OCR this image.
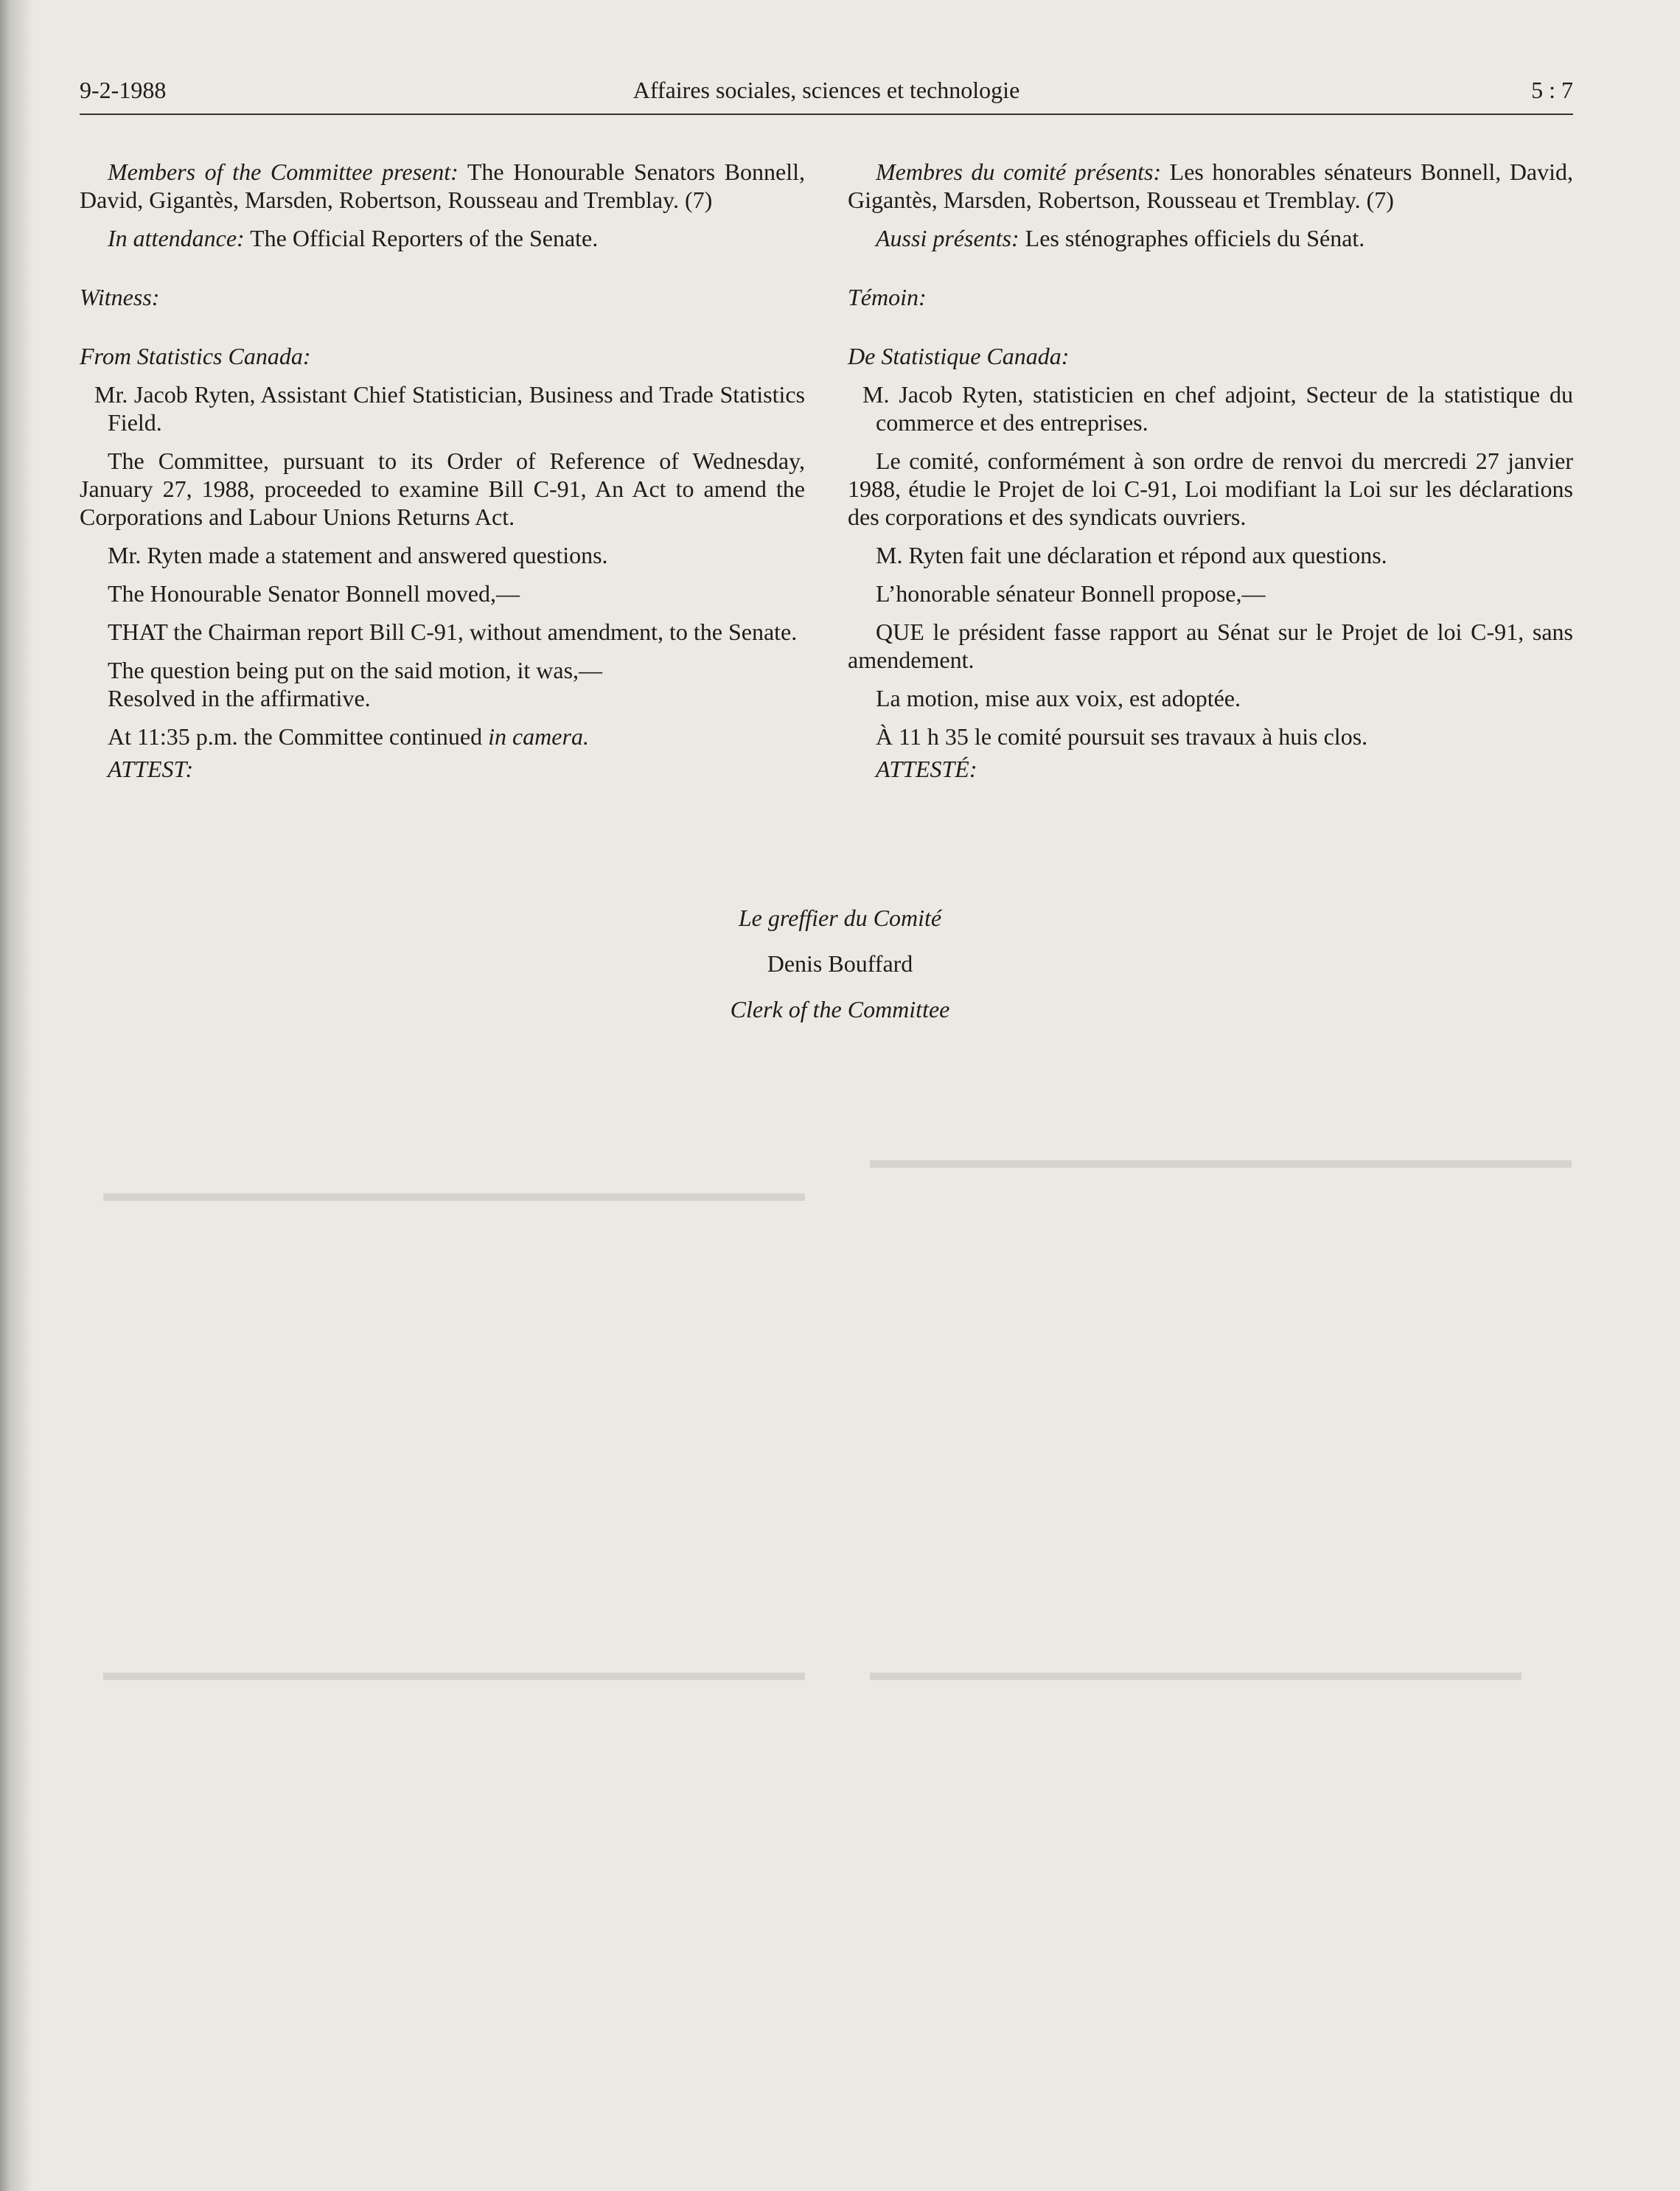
▬▬▬▬▬▬▬▬▬▬▬▬▬▬▬▬▬▬▬▬▬▬▬▬▬▬▬▬
▬▬▬▬▬▬▬▬▬▬▬▬▬▬▬▬▬▬▬▬▬▬▬▬▬▬▬▬
▬▬▬▬▬▬▬▬▬▬▬▬▬▬▬▬▬▬▬▬▬▬▬▬▬▬
▬▬▬▬▬▬▬▬▬▬▬▬▬▬▬▬▬▬▬▬▬▬▬▬▬▬▬▬
9-2-1988	Affaires sociales, sciences et technologie	5 : 7

Members of the Committee present: The Honourable Senators Bonnell, David, Gigantès, Marsden, Robertson, Rousseau and Tremblay. (7)

In attendance: The Official Reporters of the Senate.

Witness:

From Statistics Canada:

Mr. Jacob Ryten, Assistant Chief Statistician, Business and Trade Statistics Field.

The Committee, pursuant to its Order of Reference of Wednesday, January 27, 1988, proceeded to examine Bill C-91, An Act to amend the Corporations and Labour Unions Returns Act.

Mr. Ryten made a statement and answered questions.

The Honourable Senator Bonnell moved,—

THAT the Chairman report Bill C-91, without amendment, to the Senate.

The question being put on the said motion, it was,—

Resolved in the affirmative.

At 11:35 p.m. the Committee continued in camera.

ATTEST:

Membres du comité présents: Les honorables sénateurs Bonnell, David, Gigantès, Marsden, Robertson, Rousseau et Tremblay. (7)

Aussi présents: Les sténographes officiels du Sénat.

Témoin:

De Statistique Canada:

M. Jacob Ryten, statisticien en chef adjoint, Secteur de la statistique du commerce et des entreprises.

Le comité, conformément à son ordre de renvoi du mercredi 27 janvier 1988, étudie le Projet de loi C-91, Loi modifiant la Loi sur les déclarations des corporations et des syndicats ouvriers.

M. Ryten fait une déclaration et répond aux questions.

L’honorable sénateur Bonnell propose,—

QUE le président fasse rapport au Sénat sur le Projet de loi C-91, sans amendement.

La motion, mise aux voix, est adoptée.

À 11 h 35 le comité poursuit ses travaux à huis clos.

ATTESTÉ:

Le greffier du Comité
Denis Bouffard
Clerk of the Committee
